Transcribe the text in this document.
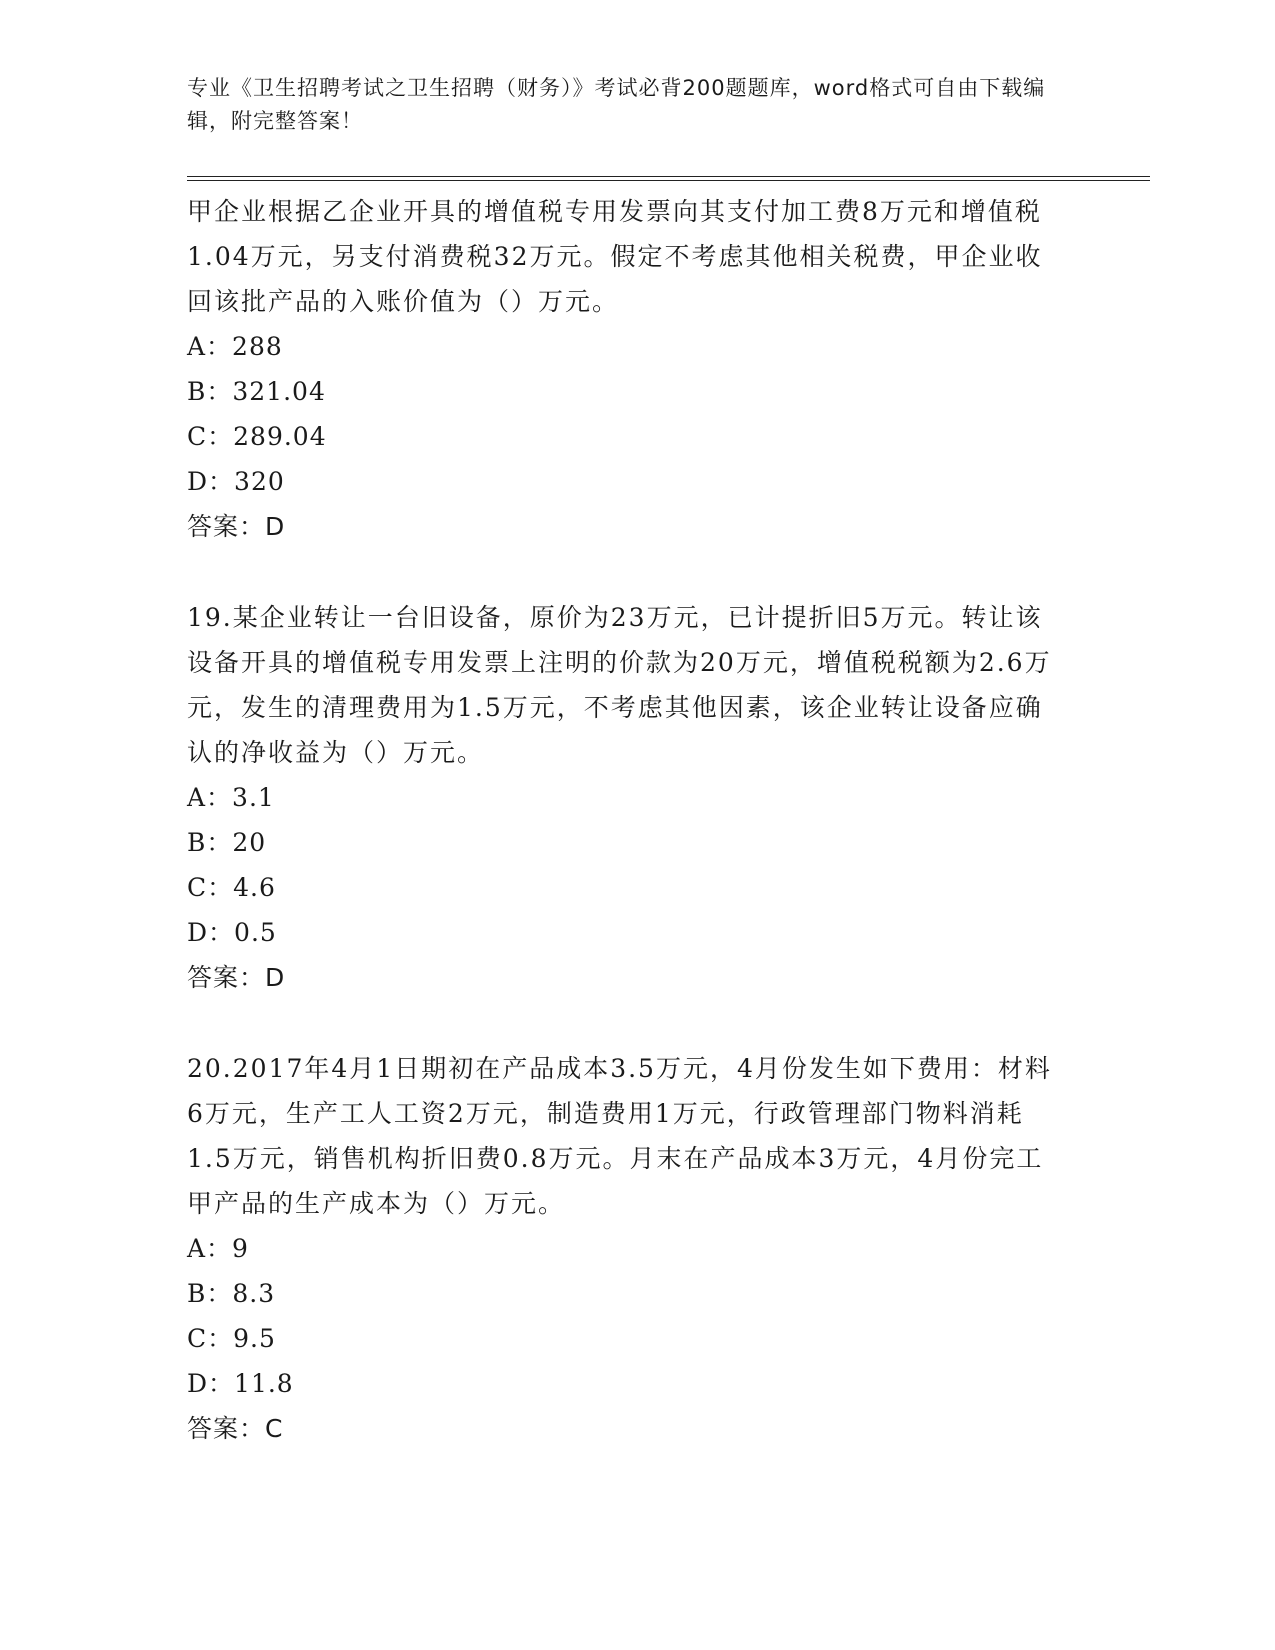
专业《卫生招聘考试之卫生招聘（财务）》考试必背200题题库，word格式可自由下载编辑，附完整答案！
甲企业根据乙企业开具的增值税专用发票向其支付加工费8万元和增值税1.04万元，另支付消费税32万元。假定不考虑其他相关税费，甲企业收回该批产品的入账价值为（）万元。
A：288
B：321.04
C：289.04
D：320
答案：D
19.某企业转让一台旧设备，原价为23万元，已计提折旧5万元。转让该设备开具的增值税专用发票上注明的价款为20万元，增值税税额为2.6万元，发生的清理费用为1.5万元，不考虑其他因素，该企业转让设备应确认的净收益为（）万元。
A：3.1
B：20
C：4.6
D：0.5
答案：D
20.2017年4月1日期初在产品成本3.5万元，4月份发生如下费用：材料6万元，生产工人工资2万元，制造费用1万元，行政管理部门物料消耗1.5万元，销售机构折旧费0.8万元。月末在产品成本3万元，4月份完工甲产品的生产成本为（）万元。
A：9
B：8.3
C：9.5
D：11.8
答案：C
